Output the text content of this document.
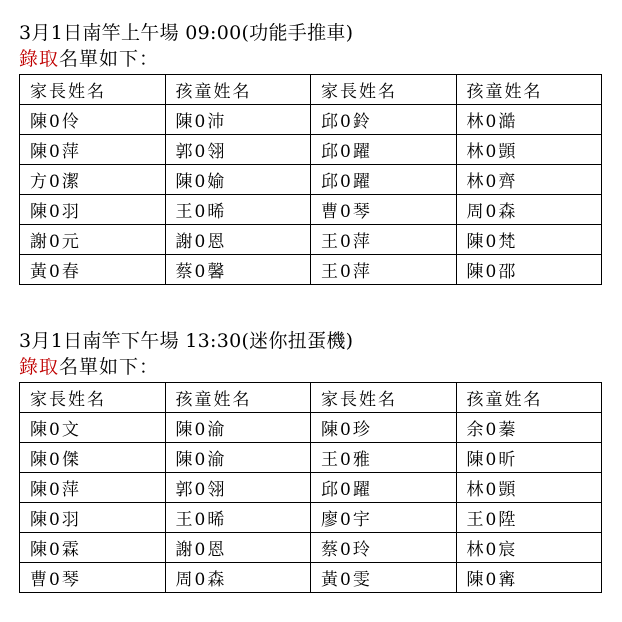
3月1日南竿上午場 09:00(功能手推車)
錄取名單如下：
家長姓名	孩童姓名	家長姓名	孩童姓名
陳0伶	陳0沛	邱0鈴	林0澔
陳0萍	郭0翎	邱0躍	林0顗
方0潔	陳0媮	邱0躍	林0齊
陳0羽	王0晞	曹0琴	周0森
謝0元	謝0恩	王0萍	陳0梵
黃0春	蔡0馨	王0萍	陳0邵
3月1日南竿下午場 13:30(迷你扭蛋機)
錄取名單如下：
家長姓名	孩童姓名	家長姓名	孩童姓名
陳0文	陳0渝	陳0珍	余0蓁
陳0傑	陳0渝	王0雅	陳0昕
陳0萍	郭0翎	邱0躍	林0顗
陳0羽	王0晞	廖0宇	王0陞
陳0霖	謝0恩	蔡0玲	林0宸
曹0琴	周0森	黃0雯	陳0寗
